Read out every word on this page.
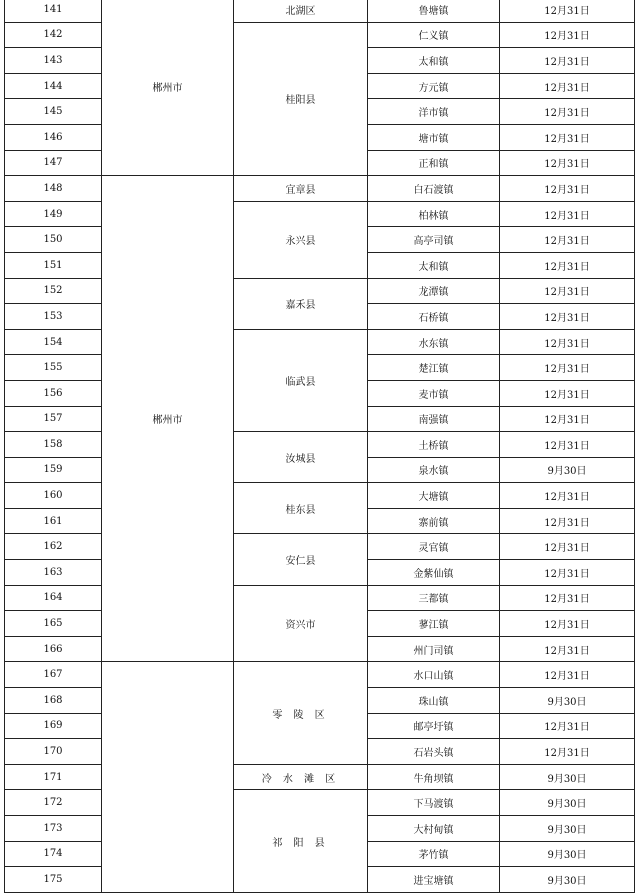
141	郴州市	北湖区	鲁塘镇	12月31日
142		桂阳县	仁义镇	12月31日
143			太和镇	12月31日
144			方元镇	12月31日
145			洋市镇	12月31日
146			塘市镇	12月31日
147			正和镇	12月31日
148	郴州市	宜章县	白石渡镇	12月31日
149		永兴县	柏林镇	12月31日
150			高亭司镇	12月31日
151			太和镇	12月31日
152		嘉禾县	龙潭镇	12月31日
153			石桥镇	12月31日
154		临武县	水东镇	12月31日
155			楚江镇	12月31日
156			麦市镇	12月31日
157			南强镇	12月31日
158		汝城县	土桥镇	12月31日
159			泉水镇	9月30日
160		桂东县	大塘镇	12月31日
161			寨前镇	12月31日
162		安仁县	灵官镇	12月31日
163			金紫仙镇	12月31日
164		资兴市	三都镇	12月31日
165			蓼江镇	12月31日
166			州门司镇	12月31日
167		零 陵 区	水口山镇	12月31日
168			珠山镇	9月30日
169			邮亭圩镇	12月31日
170			石岩头镇	12月31日
171		冷 水 滩 区	牛角坝镇	9月30日
172		祁 阳 县	下马渡镇	9月30日
173			大村甸镇	9月30日
174			茅竹镇	9月30日
175			进宝塘镇	9月30日
